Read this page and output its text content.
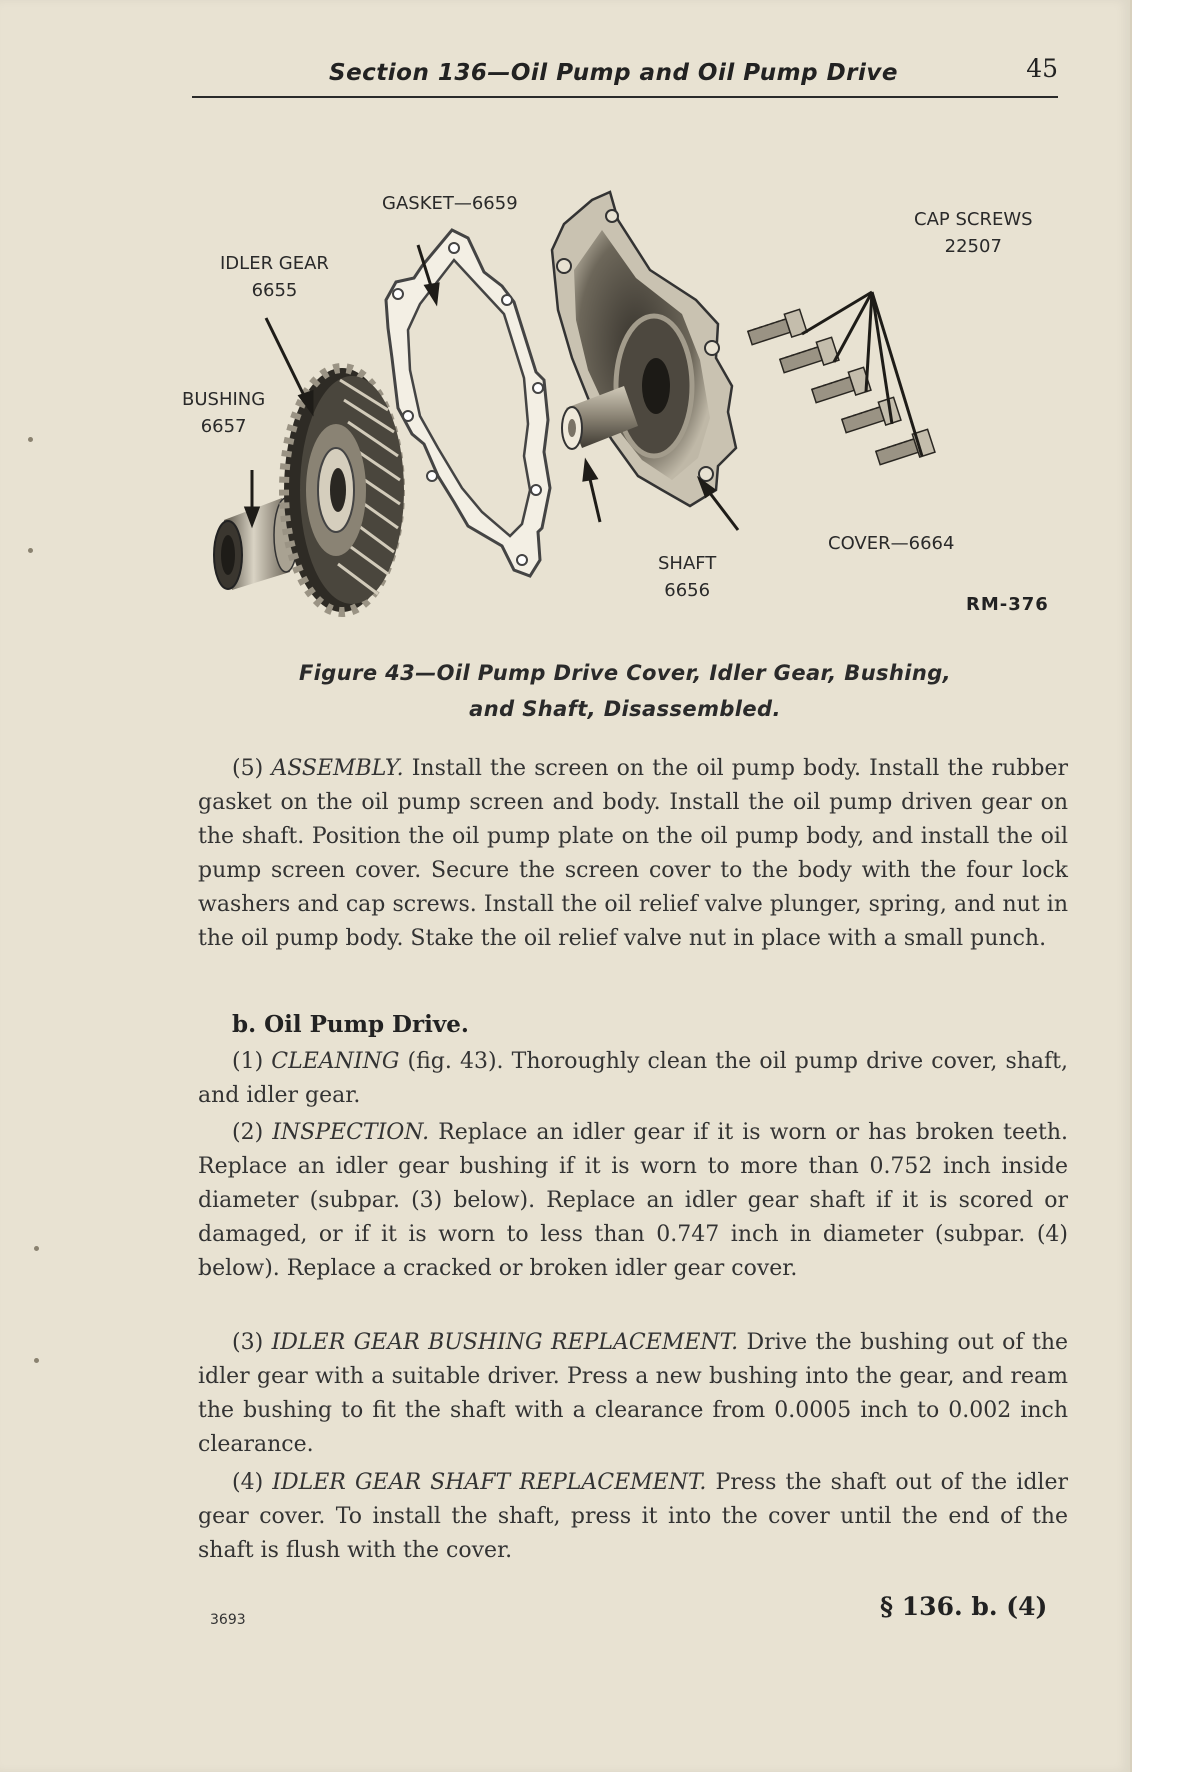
Section 136—Oil Pump and Oil Pump Drive	45
GASKET—6659
IDLER GEAR
6655
BUSHING
6657
CAP SCREWS
22507
SHAFT
6656
COVER—6664
RM-376
Figure 43—Oil Pump Drive Cover, Idler Gear, Bushing,
and Shaft, Disassembled.

(5) ASSEMBLY. Install the screen on the oil pump body. Install the rubber gasket on the oil pump screen and body. Install the oil pump driven gear on the shaft. Position the oil pump plate on the oil pump body, and install the oil pump screen cover. Secure the screen cover to the body with the four lock washers and cap screws. Install the oil relief valve plunger, spring, and nut in the oil pump body. Stake the oil relief valve nut in place with a small punch.

b. Oil Pump Drive.

(1) CLEANING (fig. 43). Thoroughly clean the oil pump drive cover, shaft, and idler gear.

(2) INSPECTION. Replace an idler gear if it is worn or has broken teeth. Replace an idler gear bushing if it is worn to more than 0.752 inch inside diameter (subpar. (3) below). Replace an idler gear shaft if it is scored or damaged, or if it is worn to less than 0.747 inch in diameter (subpar. (4) below). Replace a cracked or broken idler gear cover.

(3) IDLER GEAR BUSHING REPLACEMENT. Drive the bushing out of the idler gear with a suitable driver. Press a new bushing into the gear, and ream the bushing to fit the shaft with a clearance from 0.0005 inch to 0.002 inch clearance.

(4) IDLER GEAR SHAFT REPLACEMENT. Press the shaft out of the idler gear cover. To install the shaft, press it into the cover until the end of the shaft is flush with the cover.

3693	§ 136. b. (4)
